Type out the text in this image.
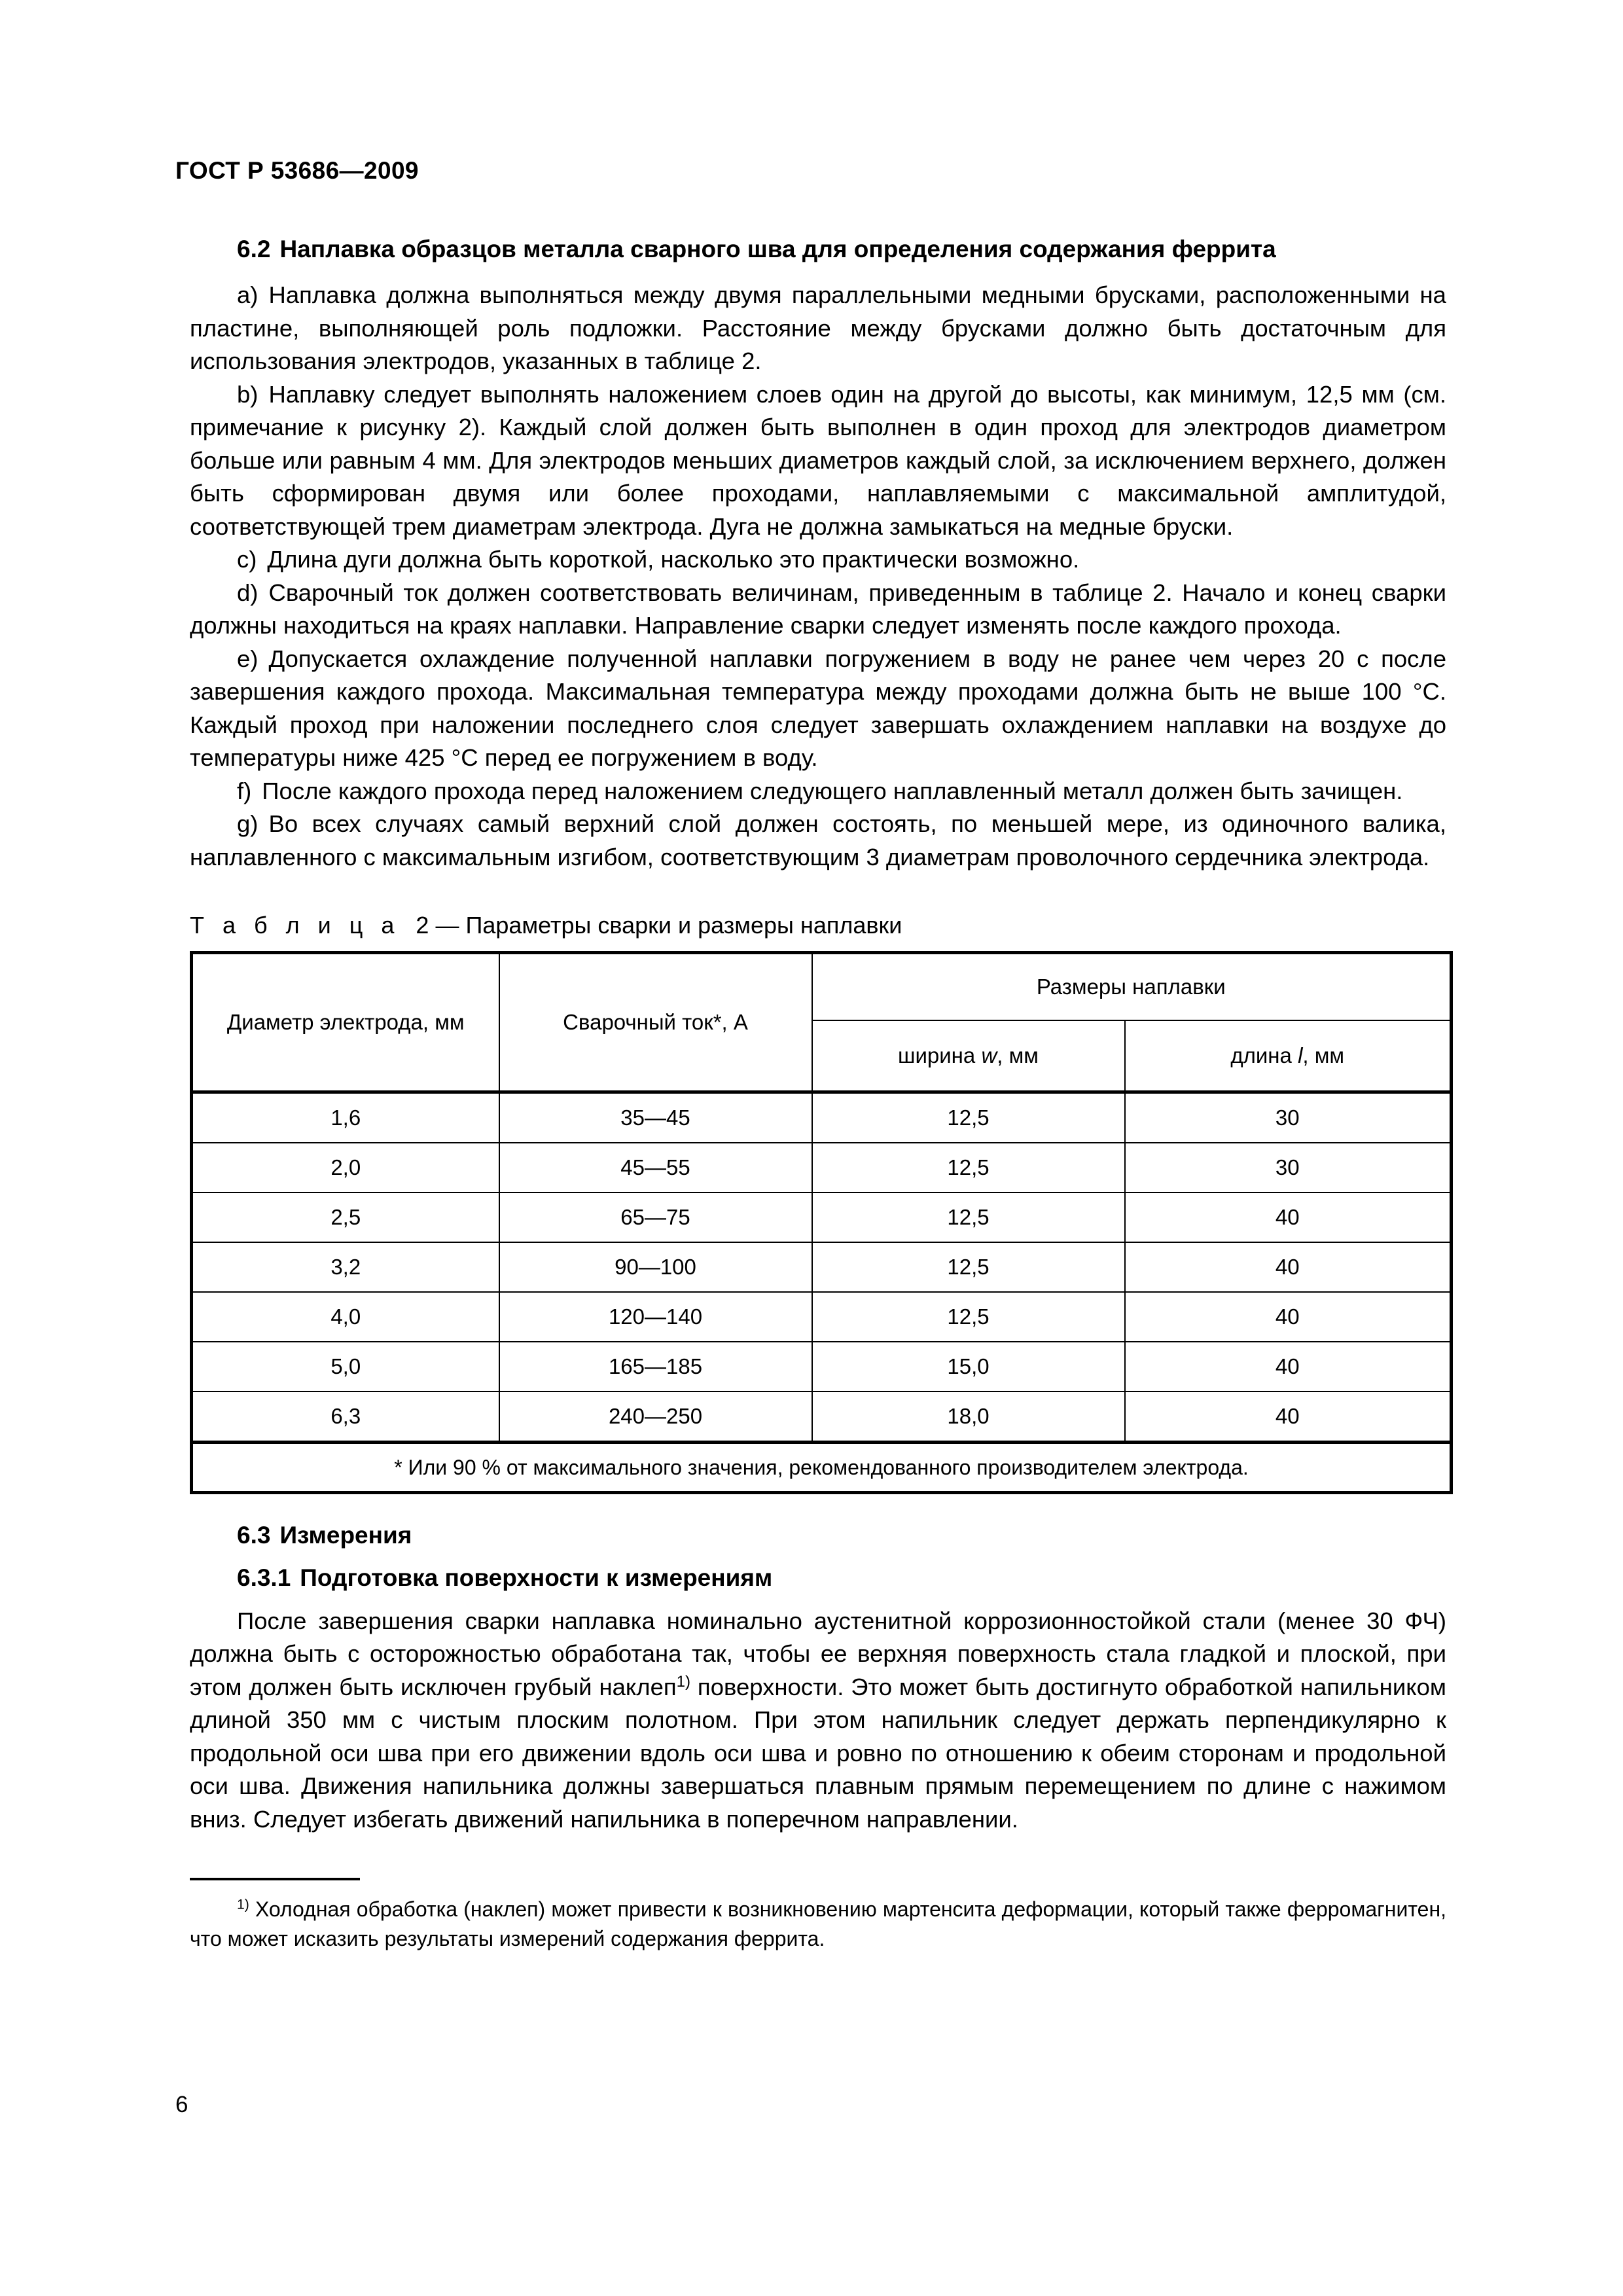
ГОСТ Р 53686—2009
6.2 Наплавка образцов металла сварного шва для определения содержания феррита

a) Наплавка должна выполняться между двумя параллельными медными брусками, расположенными на пластине, выполняющей роль подложки. Расстояние между брусками должно быть достаточным для использования электродов, указанных в таблице 2.

b) Наплавку следует выполнять наложением слоев один на другой до высоты, как минимум, 12,5 мм (см. примечание к рисунку 2). Каждый слой должен быть выполнен в один проход для электродов диаметром больше или равным 4 мм. Для электродов меньших диаметров каждый слой, за исключением верхнего, должен быть сформирован двумя или более проходами, наплавляемыми с максимальной амплитудой, соответствующей трем диаметрам электрода. Дуга не должна замыкаться на медные бруски.

c) Длина дуги должна быть короткой, насколько это практически возможно.

d) Сварочный ток должен соответствовать величинам, приведенным в таблице 2. Начало и конец сварки должны находиться на краях наплавки. Направление сварки следует изменять после каждого прохода.

e) Допускается охлаждение полученной наплавки погружением в воду не ранее чем через 20 с после завершения каждого прохода. Максимальная температура между проходами должна быть не выше 100 °С. Каждый проход при наложении последнего слоя следует завершать охлаждением наплавки на воздухе до температуры ниже 425 °С перед ее погружением в воду.

f) После каждого прохода перед наложением следующего наплавленный металл должен быть зачищен.

g) Во всех случаях самый верхний слой должен состоять, по меньшей мере, из одиночного валика, наплавленного с максимальным изгибом, соответствующим 3 диаметрам проволочного сердечника электрода.

Т а б л и ц а 2 — Параметры сварки и размеры наплавки

Диаметр электрода, мм	Сварочный ток*, А	Размеры наплавки	
		ширина w, мм	длина l, мм
1,6	35—45	12,5	30
2,0	45—55	12,5	30
2,5	65—75	12,5	40
3,2	90—100	12,5	40
4,0	120—140	12,5	40
5,0	165—185	15,0	40
6,3	240—250	18,0	40
* Или 90 % от максимального значения, рекомендованного производителем электрода.			
6.3 Измерения
6.3.1 Подготовка поверхности к измерениям

После завершения сварки наплавка номинально аустенитной коррозионностойкой стали (менее 30 ФЧ) должна быть с осторожностью обработана так, чтобы ее верхняя поверхность стала гладкой и плоской, при этом должен быть исключен грубый наклеп$^{1)}$ поверхности. Это может быть достигнуто обработкой напильником длиной 350 мм с чистым плоским полотном. При этом напильник следует держать перпендикулярно к продольной оси шва при его движении вдоль оси шва и ровно по отношению к обеим сторонам и продольной оси шва. Движения напильника должны завершаться плавным прямым перемещением по длине с нажимом вниз. Следует избегать движений напильника в поперечном направлении.

$^{1)}$ Холодная обработка (наклеп) может привести к возникновению мартенсита деформации, который также ферромагнитен, что может исказить результаты измерений содержания феррита.

6
